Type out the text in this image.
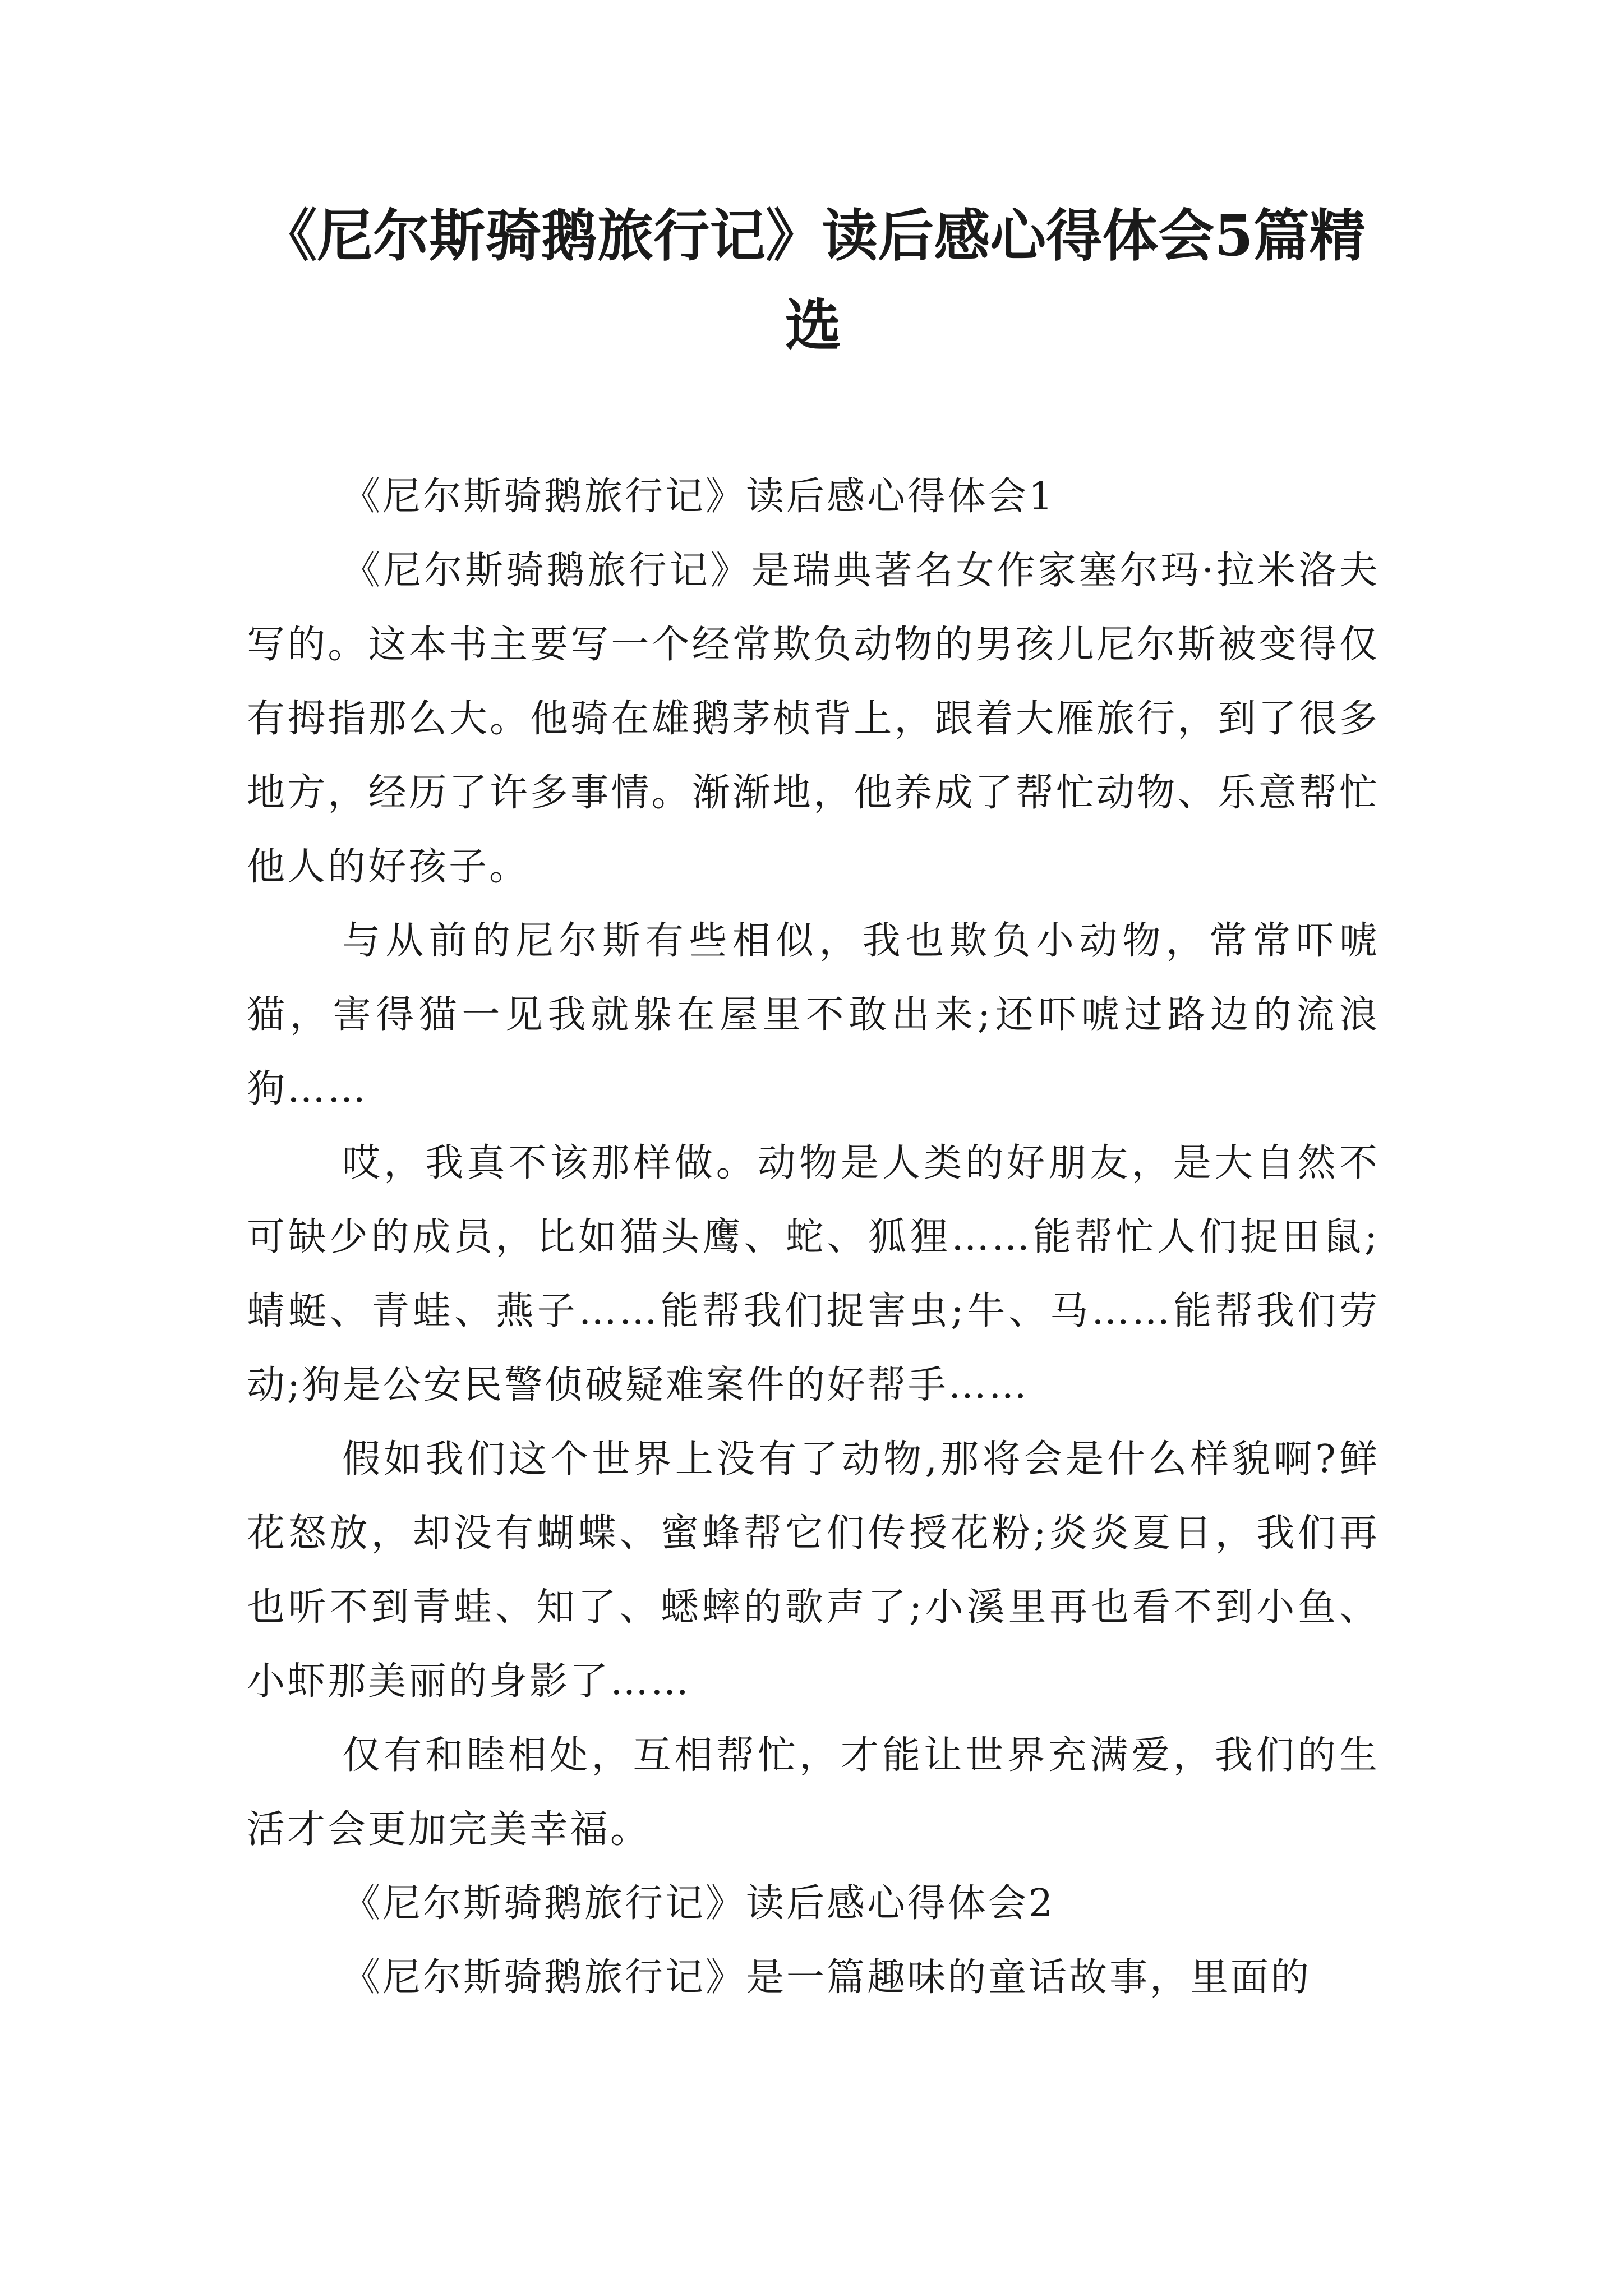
《尼尔斯骑鹅旅行记》读后感心得体会5篇精选

《尼尔斯骑鹅旅行记》读后感心得体会1

《尼尔斯骑鹅旅行记》是瑞典著名女作家塞尔玛·拉米洛夫写的。这本书主要写一个经常欺负动物的男孩儿尼尔斯被变得仅有拇指那么大。他骑在雄鹅茅桢背上，跟着大雁旅行，到了很多地方，经历了许多事情。渐渐地，他养成了帮忙动物、乐意帮忙他人的好孩子。

与从前的尼尔斯有些相似，我也欺负小动物，常常吓唬猫，害得猫一见我就躲在屋里不敢出来;还吓唬过路边的流浪狗……

哎，我真不该那样做。动物是人类的好朋友，是大自然不可缺少的成员，比如猫头鹰、蛇、狐狸……能帮忙人们捉田鼠;蜻蜓、青蛙、燕子……能帮我们捉害虫;牛、马……能帮我们劳动;狗是公安民警侦破疑难案件的好帮手……

假如我们这个世界上没有了动物,那将会是什么样貌啊?鲜花怒放，却没有蝴蝶、蜜蜂帮它们传授花粉;炎炎夏日，我们再也听不到青蛙、知了、蟋蟀的歌声了;小溪里再也看不到小鱼、小虾那美丽的身影了……

仅有和睦相处，互相帮忙，才能让世界充满爱，我们的生活才会更加完美幸福。

《尼尔斯骑鹅旅行记》读后感心得体会2

《尼尔斯骑鹅旅行记》是一篇趣味的童话故事，里面的
